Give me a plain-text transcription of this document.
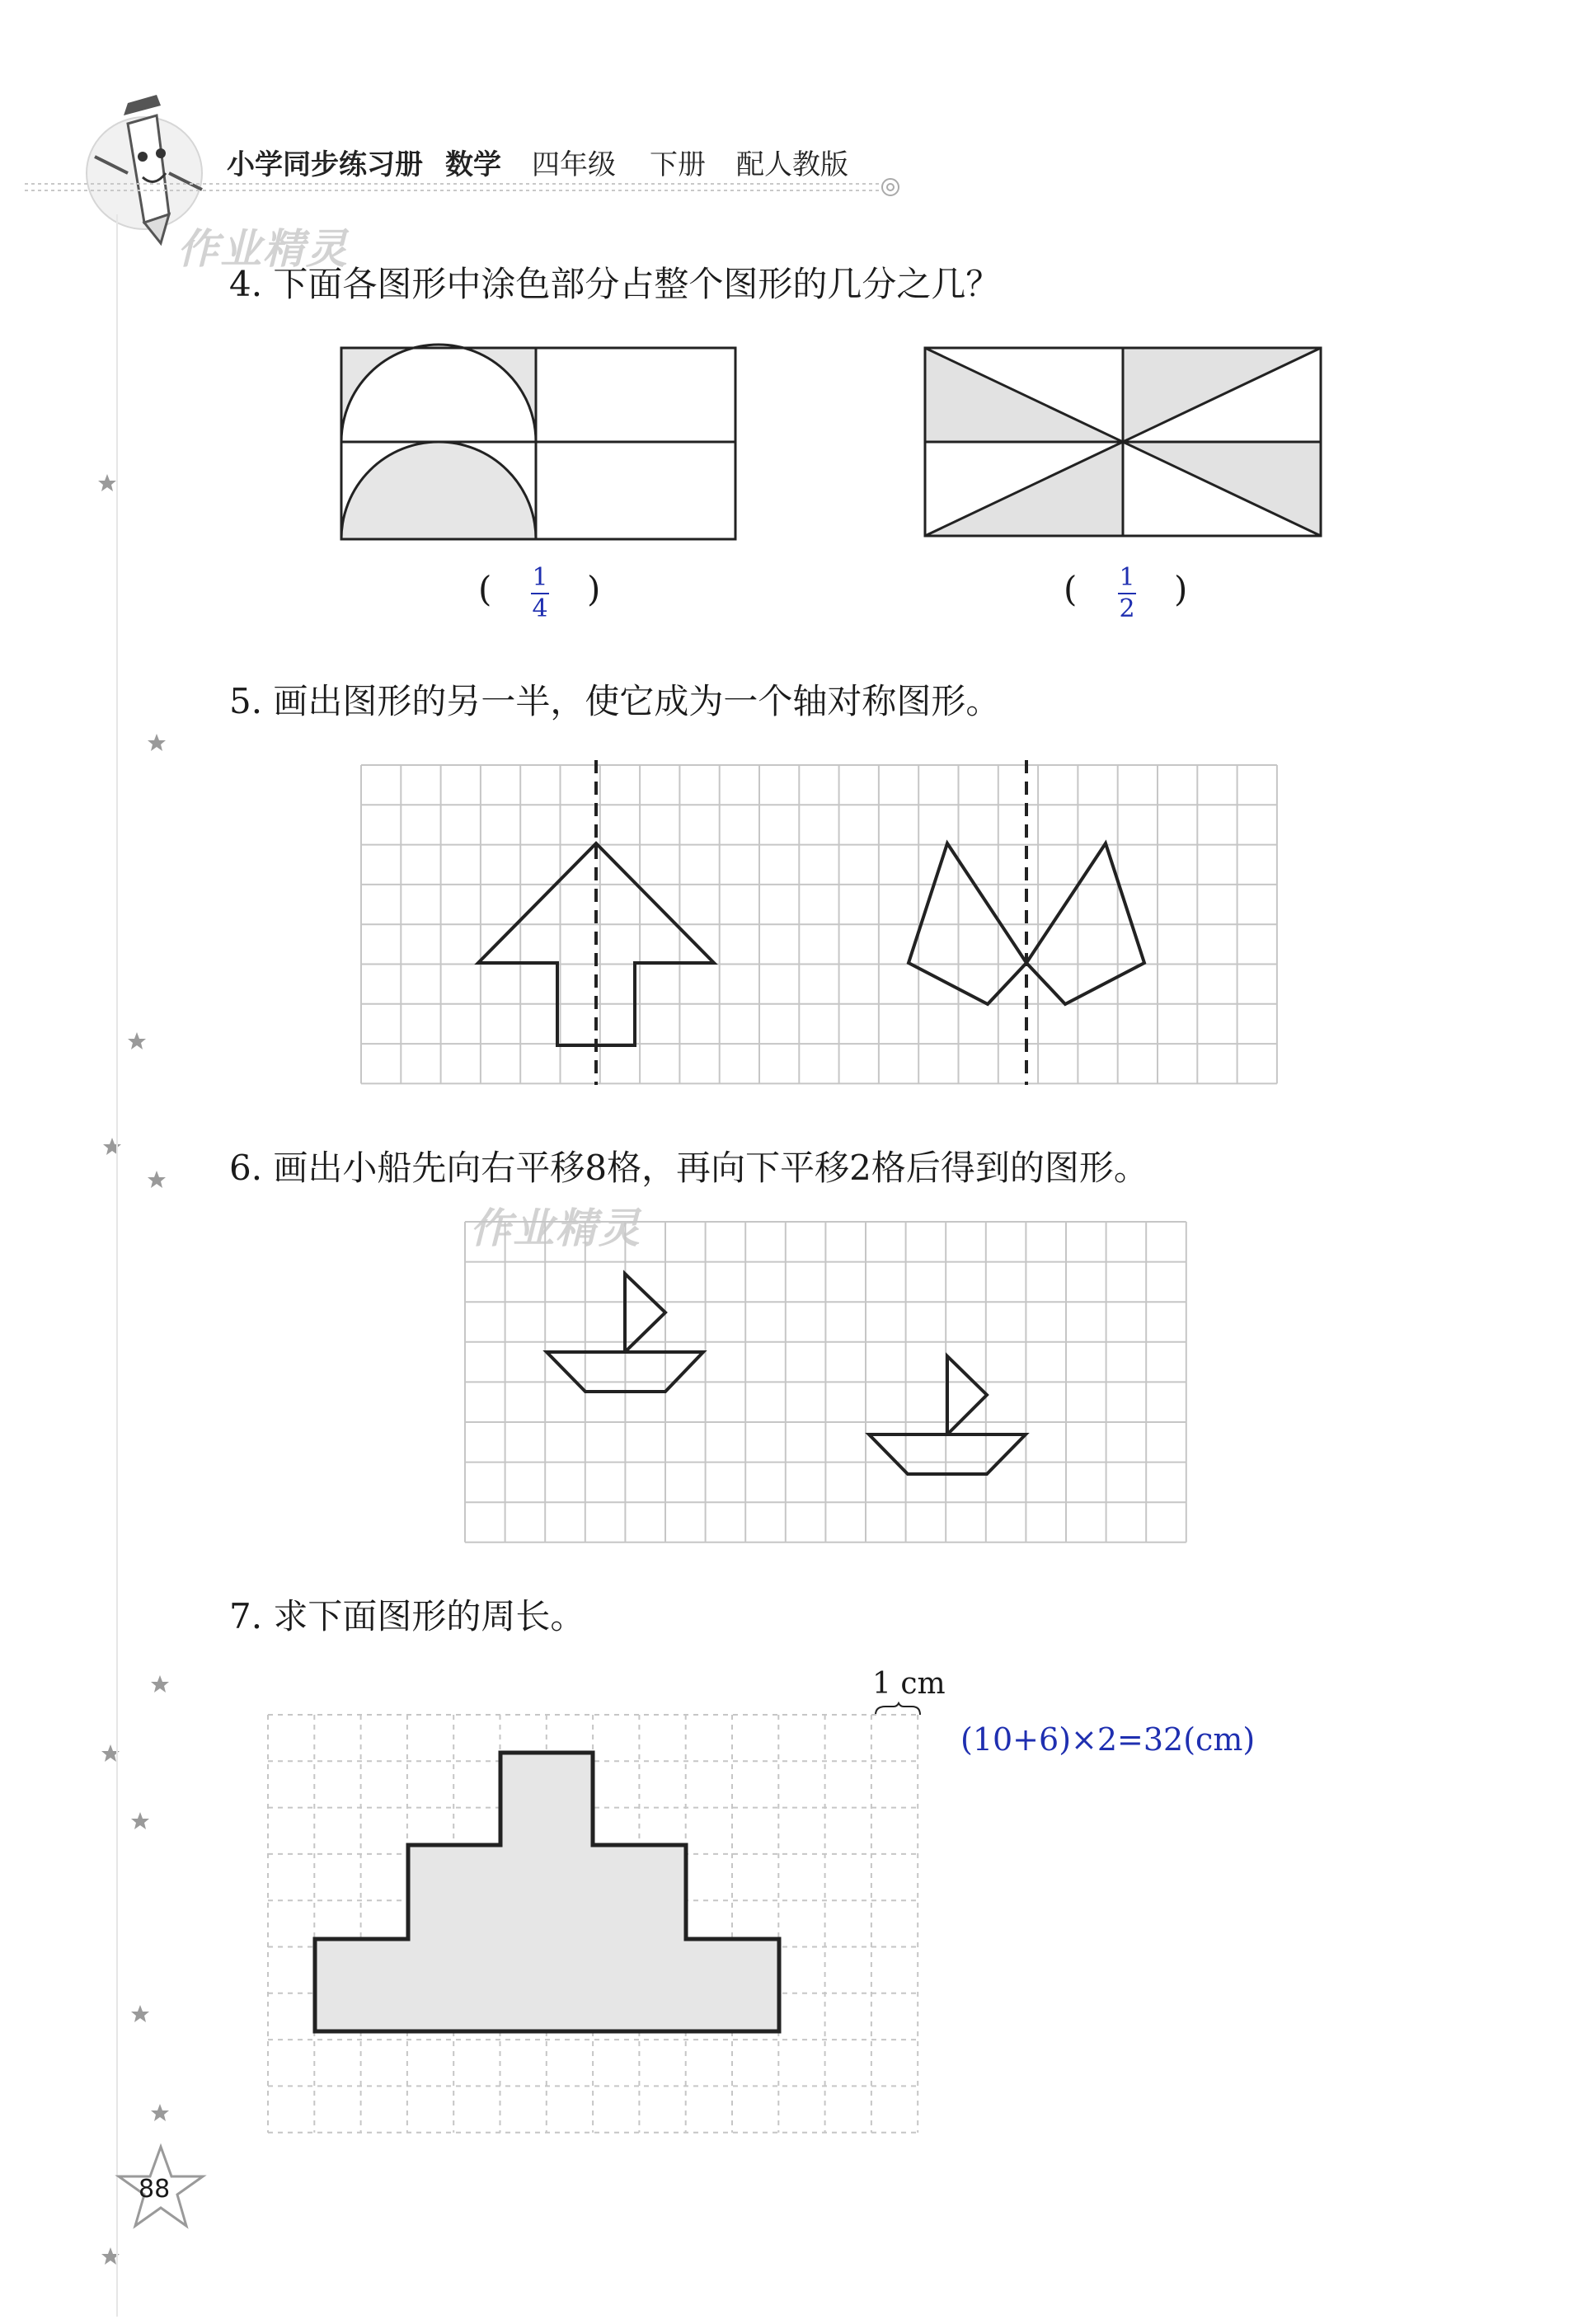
小学同步练习册 数学 四年级 下册 配人教版
作业精灵
作业精灵
4. 下面各图形中涂色部分占整个图形的几分之几？
( 1
4 )	( 1
2 )
5. 画出图形的另一半，使它成为一个轴对称图形。
6. 画出小船先向右平移8格，再向下平移2格后得到的图形。
7. 求下面图形的周长。
1 cm
(10+6)×2=32(cm)
88
